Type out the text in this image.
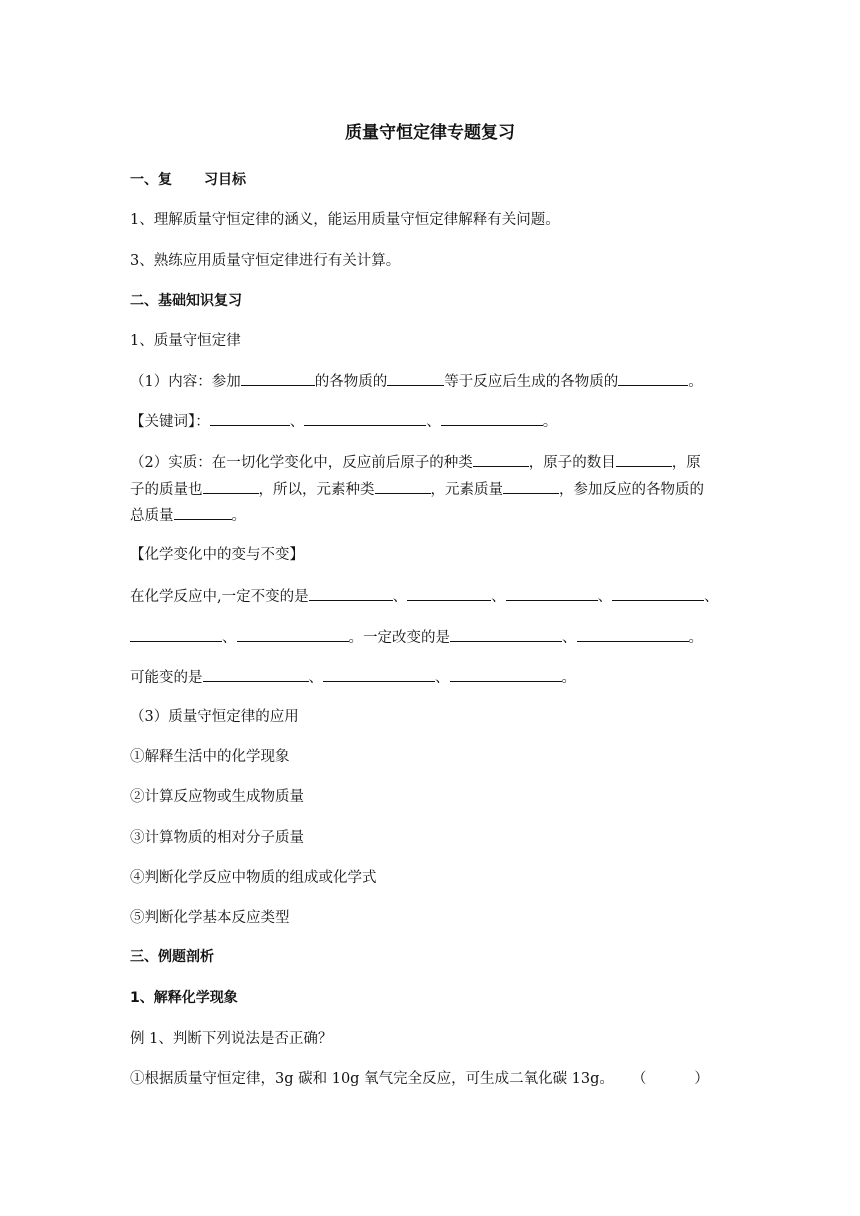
质量守恒定律专题复习
一、复 习目标
1、理解质量守恒定律的涵义，能运用质量守恒定律解释有关问题。
3、熟练应用质量守恒定律进行有关计算。
二、基础知识复习
1、质量守恒定律
（1）内容：参加	的各物质的	等于反应后生成的各物质的	。
【关键词】：	、	、	。
（2）实质：在一切化学变化中，反应前后原子的种类	，原子的数目	，原
子的质量也	，所以，元素种类	，元素质量	，参加反应的各物质的
总质量	。
【化学变化中的变与不变】
在化学反应中,一定不变的是	、	、	、	、
、	。一定改变的是	、	。
可能变的是	、	、	。
（3）质量守恒定律的应用
①解释生活中的化学现象
②计算反应物或生成物质量
③计算物质的相对分子质量
④判断化学反应中物质的组成或化学式
⑤判断化学基本反应类型
三、例题剖析
1、解释化学现象
例 1、判断下列说法是否正确？
①根据质量守恒定律，3g 碳和 10g 氧气完全反应，可生成二氧化碳 13g。 （	）
